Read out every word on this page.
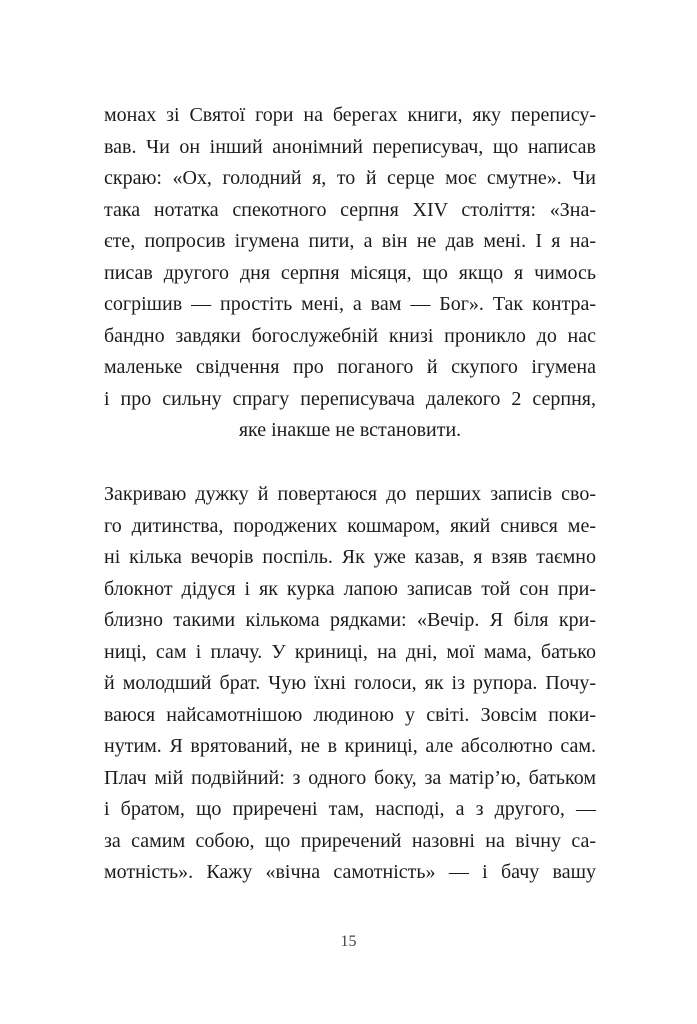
монах зі Святої гори на берегах книги, яку перепису-
вав. Чи он інший анонімний переписувач, що написав
скраю: «Ох, голодний я, то й серце моє смутне». Чи
така нотатка спекотного серпня XIV століття: «Зна-
єте, попросив ігумена пити, а він не дав мені. І я на-
писав другого дня серпня місяця, що якщо я чимось
согрішив — простіть мені, а вам — Бог». Так контра-
бандно завдяки богослужебній книзі проникло до нас
маленьке свідчення про поганого й скупого ігумена
і про сильну спрагу переписувача далекого 2 серпня,
яке інакше не встановити.
Закриваю дужку й повертаюся до перших записів сво-
го дитинства, породжених кошмаром, який снився ме-
ні кілька вечорів поспіль. Як уже казав, я взяв таємно
блокнот дідуся і як курка лапою записав той сон при-
близно такими кількома рядками: «Вечір. Я біля кри-
ниці, сам і плачу. У криниці, на дні, мої мама, батько
й молодший брат. Чую їхні голоси, як із рупора. Почу-
ваюся найсамотнішою людиною у світі. Зовсім поки-
нутим. Я врятований, не в криниці, але абсолютно сам.
Плач мій подвійний: з одного боку, за матір’ю, батьком
і братом, що приречені там, насподі, а з другого, —
за самим собою, що приречений назовні на вічну са-
мотність». Кажу «вічна самотність» — і бачу вашу
15
